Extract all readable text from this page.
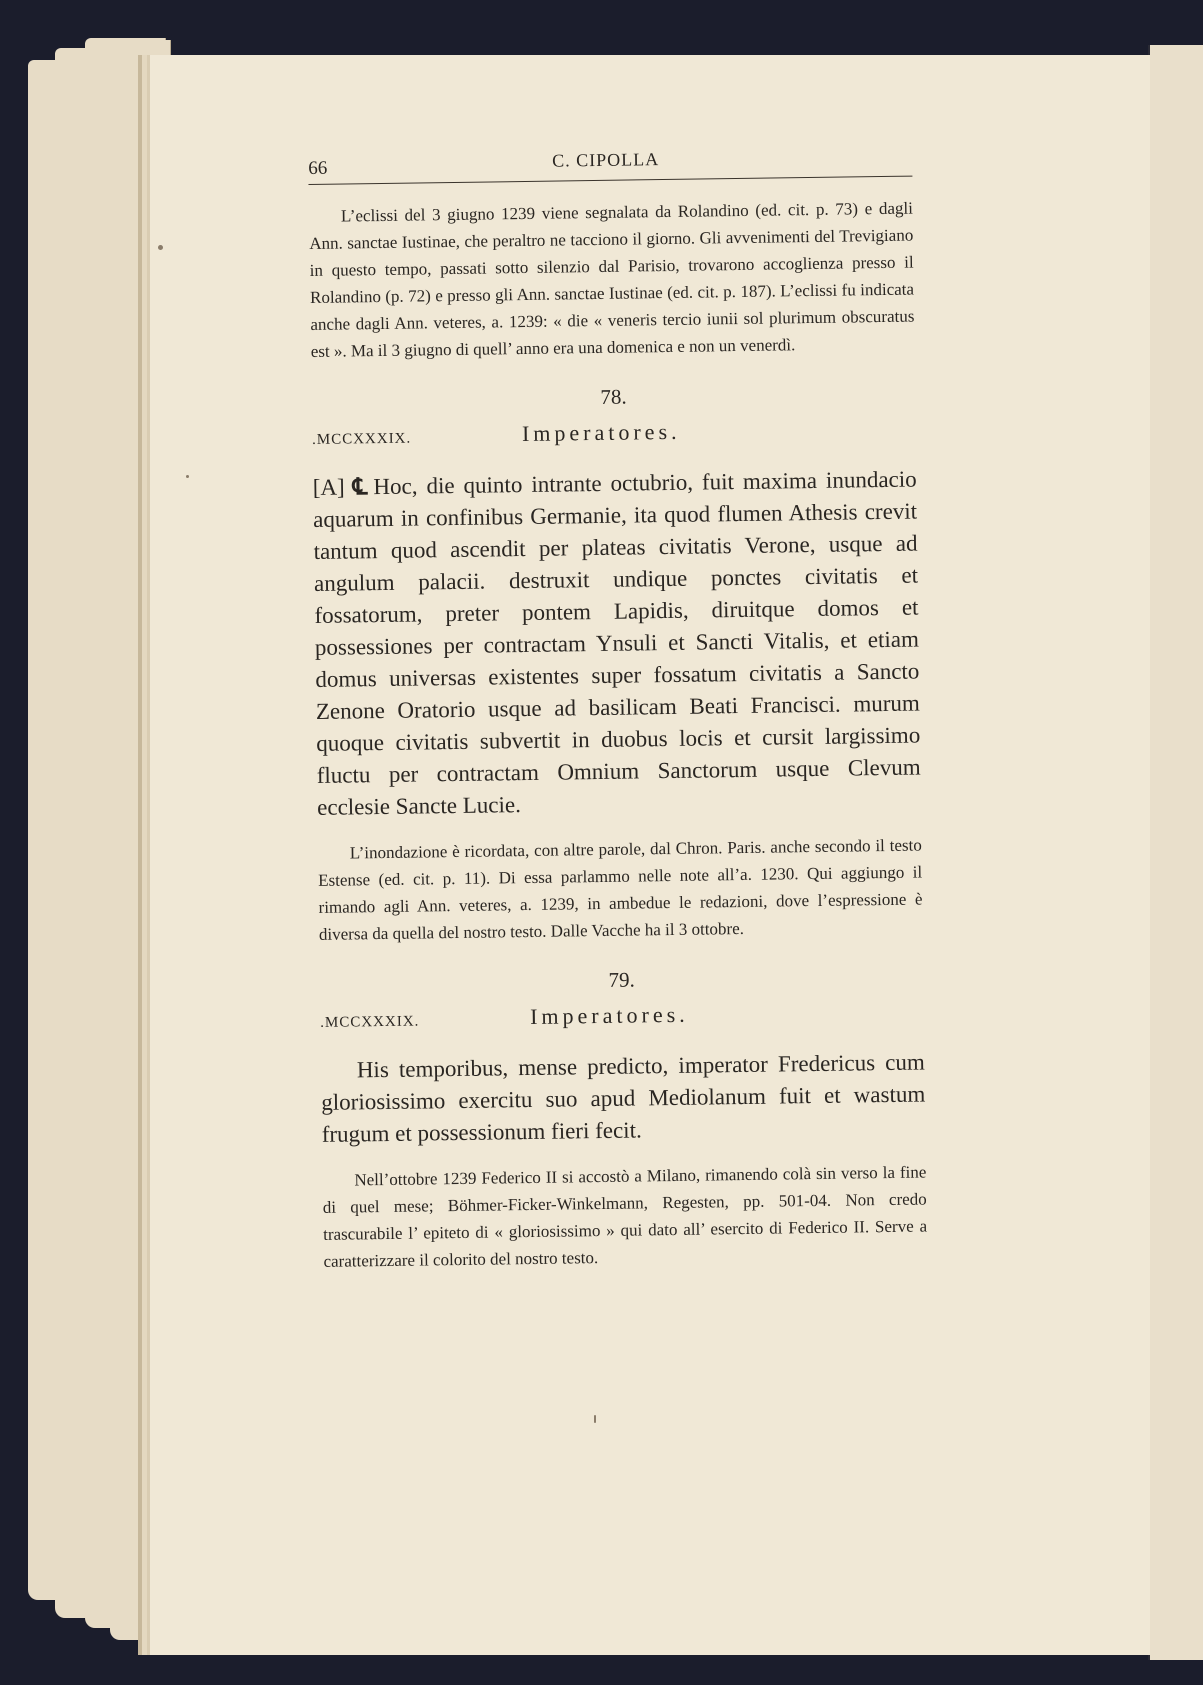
66	C. CIPOLLA

L’eclissi del 3 giugno 1239 viene segnalata da Rolandino (ed. cit. p. 73) e dagli Ann. sanctae Iustinae, che peraltro ne tacciono il giorno. Gli avvenimenti del Trevigiano in questo tempo, passati sotto silenzio dal Parisio, trovarono accoglienza presso il Rolandino (p. 72) e presso gli Ann. sanctae Iustinae (ed. cit. p. 187). L’eclissi fu indicata anche dagli Ann. veteres, a. 1239: « die « veneris tercio iunii sol plurimum obscuratus est ». Ma il 3 giugno di quell’ anno era una domenica e non un venerdì.

78.
.MCCXXXIX.	Imperatores.

[A] ℄ Hoc, die quinto intrante octubrio, fuit maxima inundacio aquarum in confinibus Germanie, ita quod flumen Athesis crevit tantum quod ascendit per plateas civitatis Verone, usque ad angulum palacii. destruxit undique ponctes civitatis et fossatorum, preter pontem Lapidis, diruitque domos et possessiones per contractam Ynsuli et Sancti Vitalis, et etiam domus universas existentes super fossatum civitatis a Sancto Zenone Oratorio usque ad basilicam Beati Francisci. murum quoque civitatis subvertit in duobus locis et cursit largissimo fluctu per contractam Omnium Sanctorum usque Clevum ecclesie Sancte Lucie.

L’inondazione è ricordata, con altre parole, dal Chron. Paris. anche secondo il testo Estense (ed. cit. p. 11). Di essa parlammo nelle note all’a. 1230. Qui aggiungo il rimando agli Ann. veteres, a. 1239, in ambedue le redazioni, dove l’espressione è diversa da quella del nostro testo. Dalle Vacche ha il 3 ottobre.

79.
.MCCXXXIX.	Imperatores.

His temporibus, mense predicto, imperator Fredericus cum gloriosissimo exercitu suo apud Mediolanum fuit et wastum frugum et possessionum fieri fecit.

Nell’ottobre 1239 Federico II si accostò a Milano, rimanendo colà sin verso la fine di quel mese; Böhmer-Ficker-Winkelmann, Regesten, pp. 501-04. Non credo trascurabile l’ epiteto di « gloriosissimo » qui dato all’ esercito di Federico II. Serve a caratterizzare il colorito del nostro testo.
